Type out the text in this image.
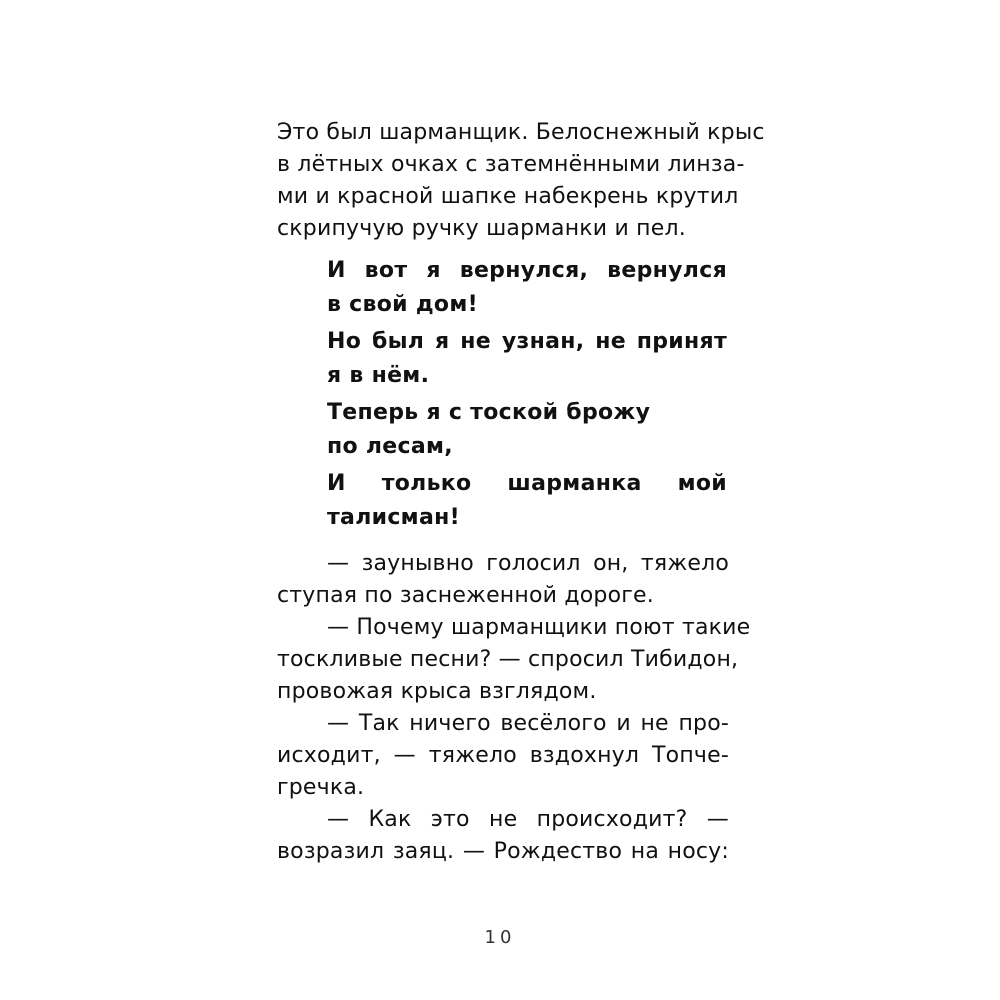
Это был шарманщик. Белоснежный крыс
в лётных очках с затемнёнными линза-
ми и красной шапке набекрень крутил
скрипучую ручку шарманки и пел.
И вот я вернулся, вернулся
в свой дом!
Но был я не узнан, не принят
я в нём.
Теперь я с тоской брожу
по лесам,
И только шарманка мой
талисман!
— заунывно голосил он, тяжело
ступая по заснеженной дороге.
— Почему шарманщики поют такие
тоскливые песни? — спросил Тибидон,
провожая крыса взглядом.
— Так ничего весёлого и не про-
исходит, — тяжело вздохнул Топче-
гречка.
— Как это не происходит? —
возразил заяц. — Рождество на носу:
10
